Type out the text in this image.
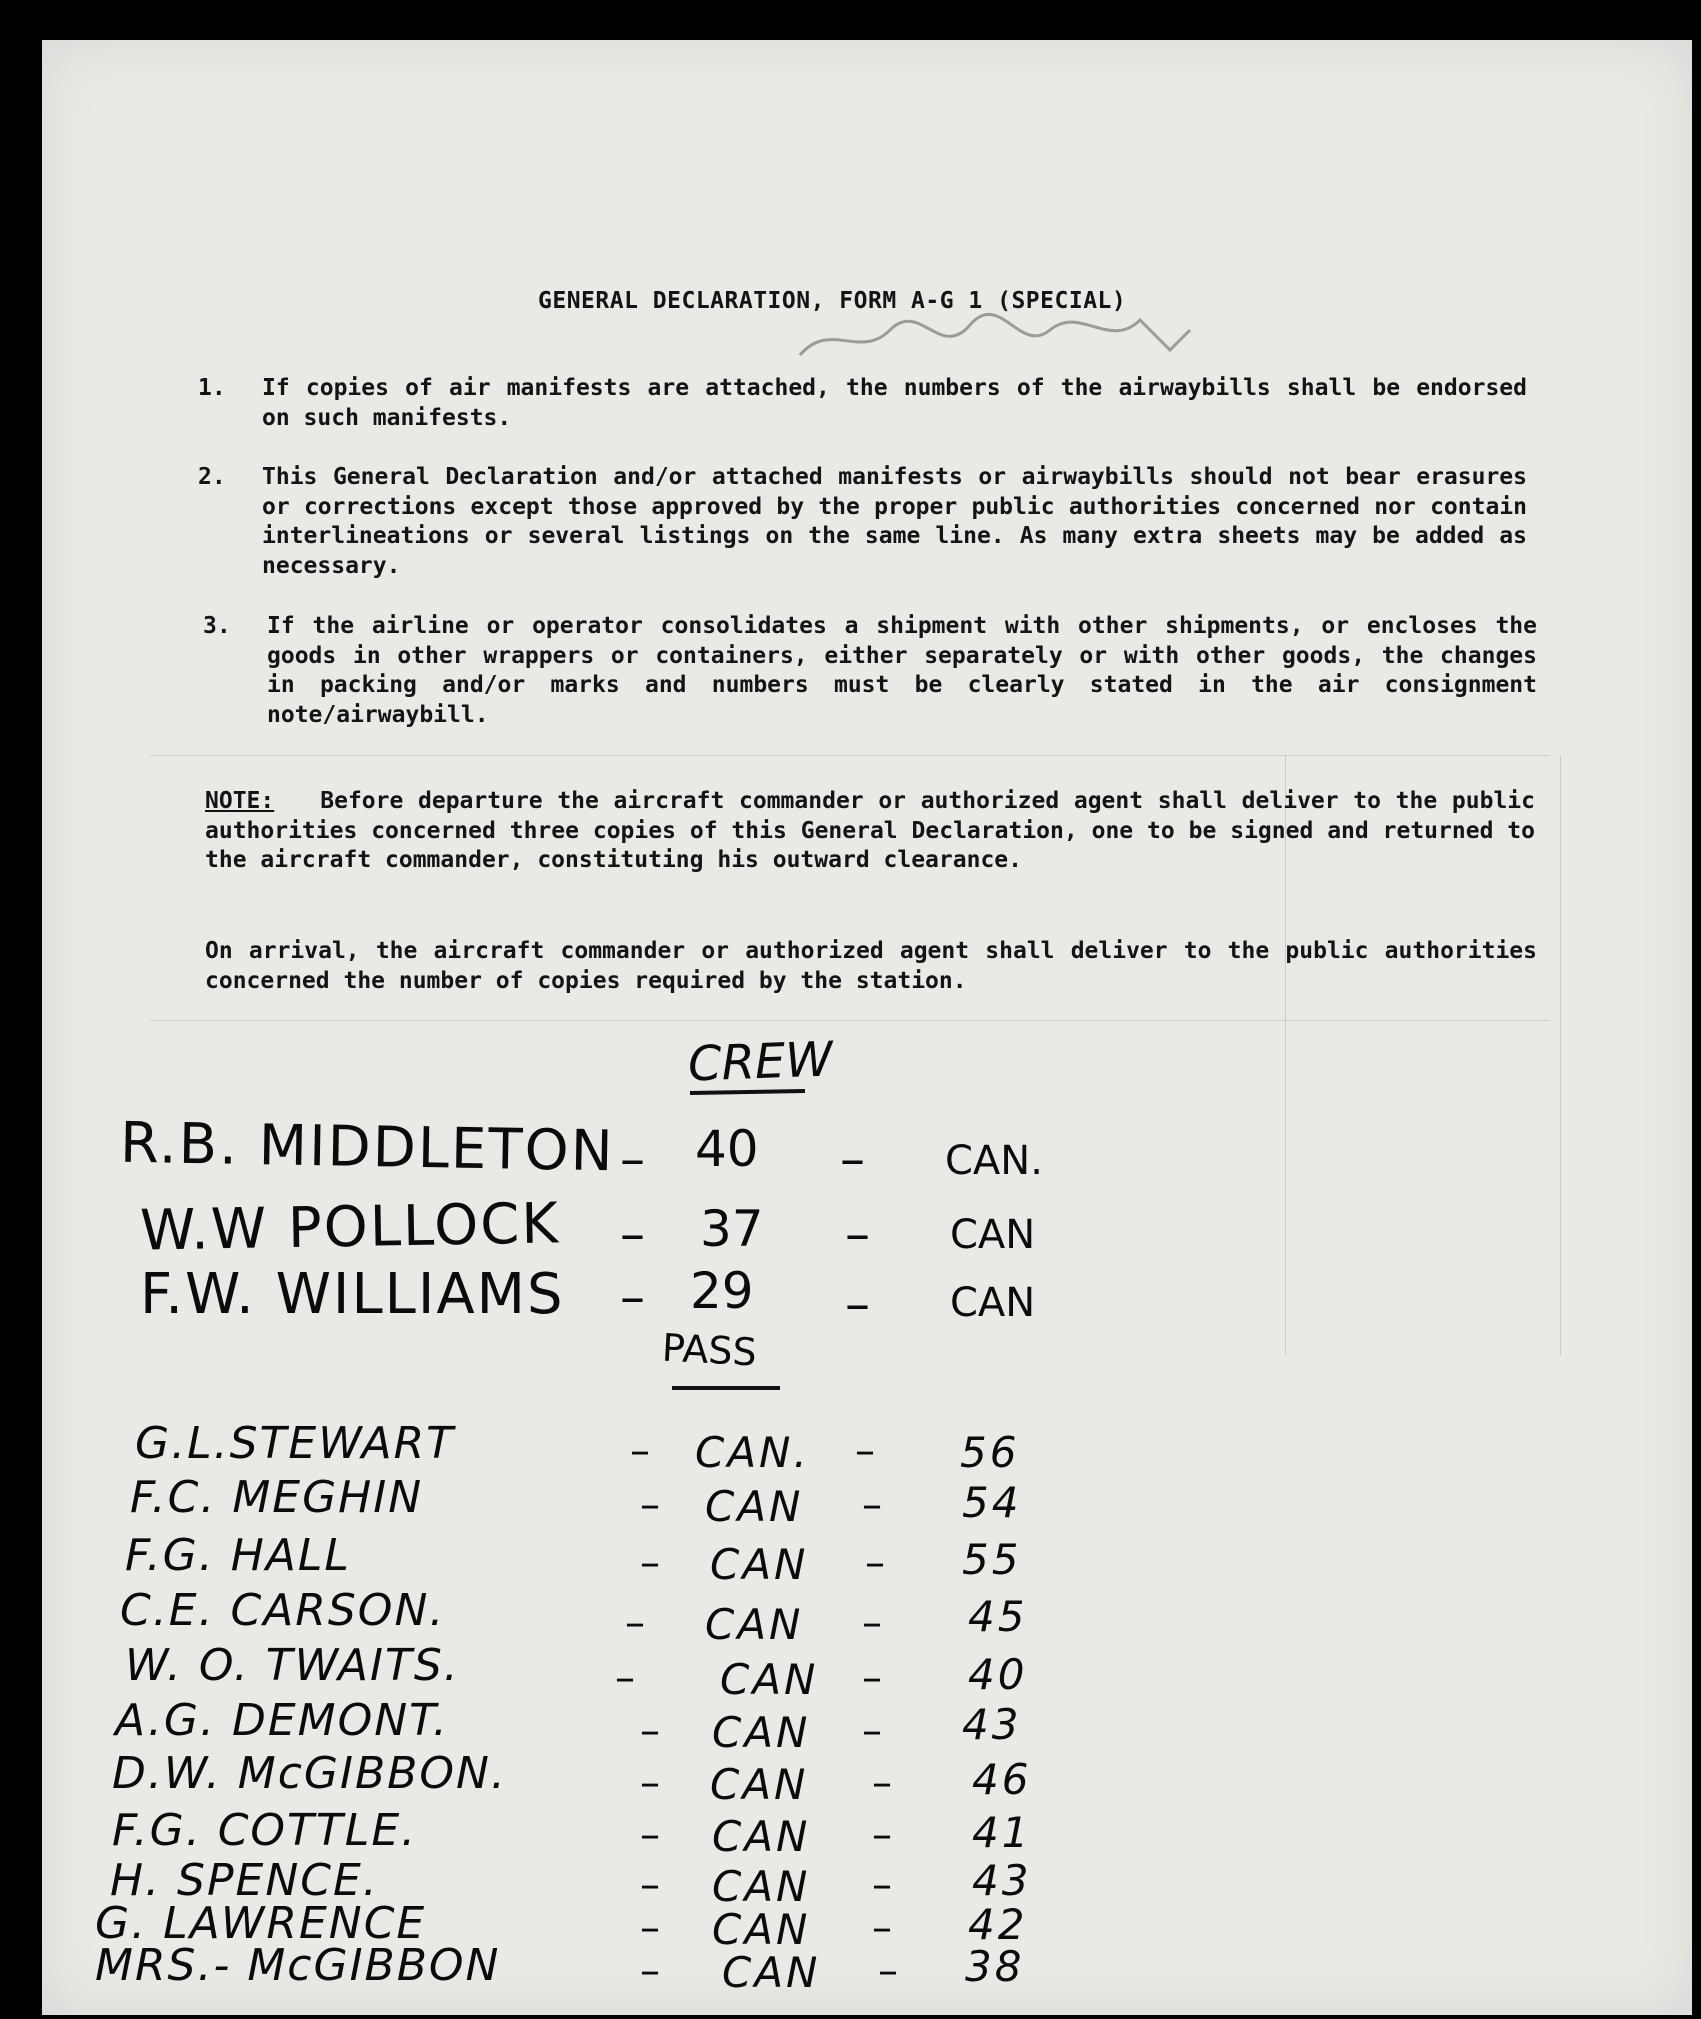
GENERAL DECLARATION, FORM A-G 1 (SPECIAL)
1. If copies of air manifests are attached, the numbers of the airwaybills shall be endorsed on such manifests.
2. This General Declaration and/or attached manifests or airwaybills should not bear erasures or corrections except those approved by the proper public authorities concerned nor contain interlineations or several listings on the same line. As many extra sheets may be added as necessary.
3. If the airline or operator consolidates a shipment with other shipments, or encloses the goods in other wrappers or containers, either separately or with other goods, the changes in packing and/or marks and numbers must be clearly stated in the air consignment note/airwaybill.
NOTE: Before departure the aircraft commander or authorized agent shall deliver to the public authorities concerned three copies of this General Declaration, one to be signed and returned to the aircraft commander, constituting his outward clearance.
On arrival, the aircraft commander or authorized agent shall deliver to the public authorities concerned the number of copies required by the station.
CREW
R.B. MIDDLETON – 40 – CAN.
W.W POLLOCK – 37 – CAN
F.W. WILLIAMS – 29 – CAN
PASS
G.L.STEWART	– CAN. – 56
F.C. MEGHIN	– CAN – 54
F.G. HALL	– CAN – 55
C.E. CARSON.	– CAN – 45
W. O. TWAITS.	– CAN – 40
A.G. DEMONT.	– CAN – 43
D.W. McGIBBON.	– CAN – 46
F.G. COTTLE.	– CAN – 41
H. SPENCE.	– CAN – 43
G. LAWRENCE	– CAN – 42
MRS.- McGIBBON	– CAN – 38
